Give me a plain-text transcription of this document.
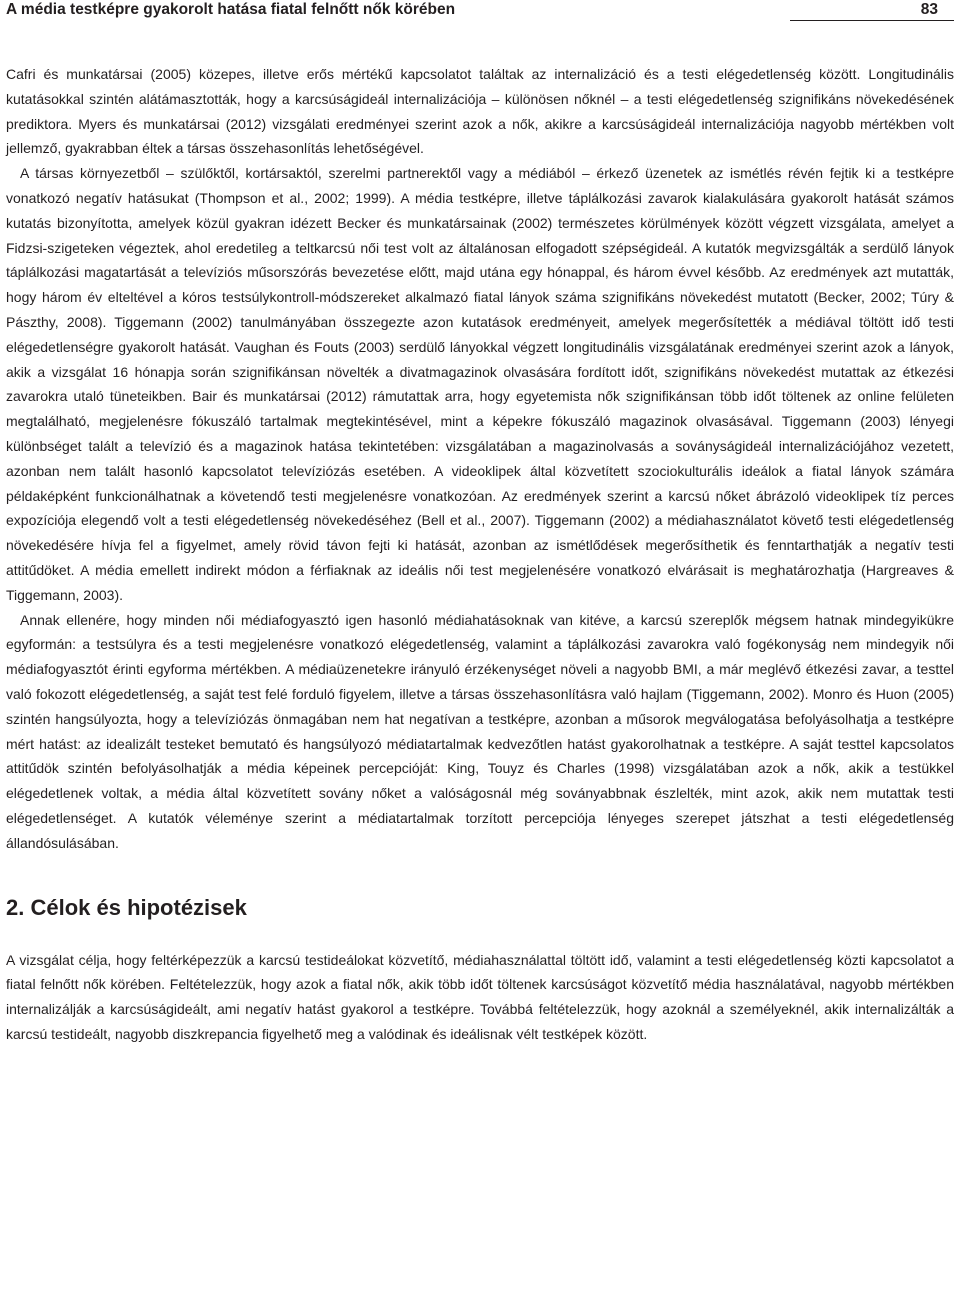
A média testképre gyakorolt hatása fiatal felnőtt nők körében	83

Cafri és munkatársai (2005) közepes, illetve erős mértékű kapcsolatot találtak az internalizáció és a testi elégedetlenség között. Longitudinális kutatásokkal szintén alátámasztották, hogy a karcsúságideál internalizációja – különösen nőknél – a testi elégedetlenség szignifikáns növekedésének prediktora. Myers és munkatársai (2012) vizsgálati eredményei szerint azok a nők, akikre a karcsúságideál internalizációja nagyobb mértékben volt jellemző, gyakrabban éltek a társas összehasonlítás lehetőségével.

A társas környezetből – szülőktől, kortársaktól, szerelmi partnerektől vagy a médiából – érkező üzenetek az ismétlés révén fejtik ki a testképre vonatkozó negatív hatásukat (Thompson et al., 2002; 1999). A média testképre, illetve táplálkozási zavarok kialakulására gyakorolt hatását számos kutatás bizonyította, amelyek közül gyakran idézett Becker és munkatársainak (2002) természetes körülmények között végzett vizsgálata, amelyet a Fidzsi-szigeteken végeztek, ahol eredetileg a teltkarcsú női test volt az általánosan elfogadott szépségideál. A kutatók megvizsgálták a serdülő lányok táplálkozási magatartását a televíziós műsorszórás bevezetése előtt, majd utána egy hónappal, és három évvel később. Az eredmények azt mutatták, hogy három év elteltével a kóros testsúlykontroll-módszereket alkalmazó fiatal lányok száma szignifikáns növekedést mutatott (Becker, 2002; Túry & Pászthy, 2008). Tiggemann (2002) tanulmányában összegezte azon kutatások eredményeit, amelyek megerősítették a médiával töltött idő testi elégedetlenségre gyakorolt hatását. Vaughan és Fouts (2003) serdülő lányokkal végzett longitudinális vizsgálatának eredményei szerint azok a lányok, akik a vizsgálat 16 hónapja során szignifikánsan növelték a divatmagazinok olvasására fordított időt, szignifikáns növekedést mutattak az étkezési zavarokra utaló tüneteikben. Bair és munkatársai (2012) rámutattak arra, hogy egyetemista nők szignifikánsan több időt töltenek az online felületen megtalálható, megjelenésre fókuszáló tartalmak megtekintésével, mint a képekre fókuszáló magazinok olvasásával. Tiggemann (2003) lényegi különbséget talált a televízió és a magazinok hatása tekintetében: vizsgálatában a magazinolvasás a soványságideál internalizációjához vezetett, azonban nem talált hasonló kapcsolatot televíziózás esetében. A videoklipek által közvetített szociokulturális ideálok a fiatal lányok számára példaképként funkcionálhatnak a követendő testi megjelenésre vonatkozóan. Az eredmények szerint a karcsú nőket ábrázoló videoklipek tíz perces expozíciója elegendő volt a testi elégedetlenség növekedéséhez (Bell et al., 2007). Tiggemann (2002) a médiahasználatot követő testi elégedetlenség növekedésére hívja fel a figyelmet, amely rövid távon fejti ki hatását, azonban az ismétlődések megerősíthetik és fenntarthatják a negatív testi attitűdöket. A média emellett indirekt módon a férfiaknak az ideális női test megjelenésére vonatkozó elvárásait is meghatározhatja (Hargreaves & Tiggemann, 2003).

Annak ellenére, hogy minden női médiafogyasztó igen hasonló médiahatásoknak van kitéve, a karcsú szereplők mégsem hatnak mindegyikükre egyformán: a testsúlyra és a testi megjelenésre vonatkozó elégedetlenség, valamint a táplálkozási zavarokra való fogékonyság nem mindegyik női médiafogyasztót érinti egyforma mértékben. A médiaüzenetekre irányuló érzékenységet növeli a nagyobb BMI, a már meglévő étkezési zavar, a testtel való fokozott elégedetlenség, a saját test felé forduló figyelem, illetve a társas összehasonlításra való hajlam (Tiggemann, 2002). Monro és Huon (2005) szintén hangsúlyozta, hogy a televíziózás önmagában nem hat negatívan a testképre, azonban a műsorok megválogatása befolyásolhatja a testképre mért hatást: az idealizált testeket bemutató és hangsúlyozó médiatartalmak kedvezőtlen hatást gyakorolhatnak a testképre. A saját testtel kapcsolatos attitűdök szintén befolyásolhatják a média képeinek percepcióját: King, Touyz és Charles (1998) vizsgálatában azok a nők, akik a testükkel elégedetlenek voltak, a média által közvetített sovány nőket a valóságosnál még soványabbnak észlelték, mint azok, akik nem mutattak testi elégedetlenséget. A kutatók véleménye szerint a médiatartalmak torzított percepciója lényeges szerepet játszhat a testi elégedetlenség állandósulásában.

2. Célok és hipotézisek

A vizsgálat célja, hogy feltérképezzük a karcsú testideálokat közvetítő, médiahasználattal töltött idő, valamint a testi elégedetlenség közti kapcsolatot a fiatal felnőtt nők körében. Feltételezzük, hogy azok a fiatal nők, akik több időt töltenek karcsúságot közvetítő média használatával, nagyobb mértékben internalizálják a karcsúságideált, ami negatív hatást gyakorol a testképre. Továbbá feltételezzük, hogy azoknál a személyeknél, akik internalizálták a karcsú testideált, nagyobb diszkrepancia figyelhető meg a valódinak és ideálisnak vélt testképek között.
